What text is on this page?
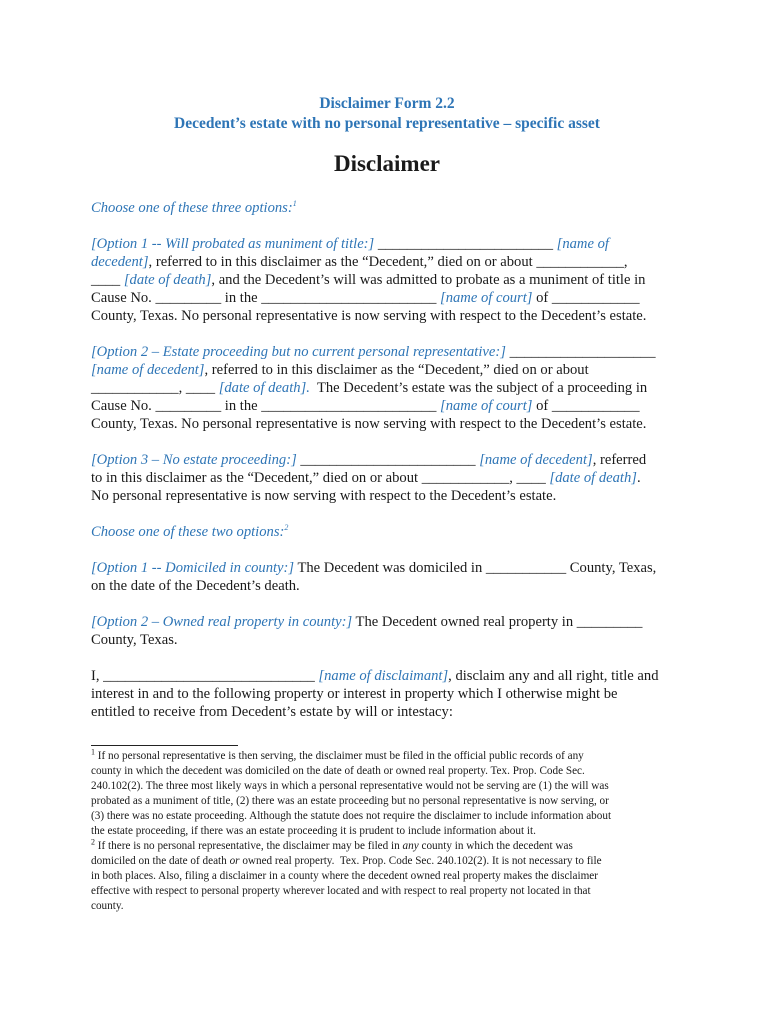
Disclaimer Form 2.2
Decedent’s estate with no personal representative – specific asset
Disclaimer
Choose one of these three options:$^1$
[Option 1 -- Will probated as muniment of title:] ________________________ [name of
decedent], referred to in this disclaimer as the “Decedent,” died on or about ____________,
____ [date of death], and the Decedent’s will was admitted to probate as a muniment of title in
Cause No. _________ in the ________________________ [name of court] of ____________
County, Texas. No personal representative is now serving with respect to the Decedent’s estate.
[Option 2 – Estate proceeding but no current personal representative:] ____________________
[name of decedent], referred to in this disclaimer as the “Decedent,” died on or about
____________, ____ [date of death].  The Decedent’s estate was the subject of a proceeding in
Cause No. _________ in the ________________________ [name of court] of ____________
County, Texas. No personal representative is now serving with respect to the Decedent’s estate.
[Option 3 – No estate proceeding:] ________________________ [name of decedent], referred
to in this disclaimer as the “Decedent,” died on or about ____________, ____ [date of death].
No personal representative is now serving with respect to the Decedent’s estate.
Choose one of these two options:$^2$
[Option 1 -- Domiciled in county:] The Decedent was domiciled in ___________ County, Texas,
on the date of the Decedent’s death.
[Option 2 – Owned real property in county:] The Decedent owned real property in _________
County, Texas.
I, _____________________________ [name of disclaimant], disclaim any and all right, title and
interest in and to the following property or interest in property which I otherwise might be
entitled to receive from Decedent’s estate by will or intestacy:
$^1$ If no personal representative is then serving, the disclaimer must be filed in the official public records of any
county in which the decedent was domiciled on the date of death or owned real property. Tex. Prop. Code Sec.
240.102(2). The three most likely ways in which a personal representative would not be serving are (1) the will was
probated as a muniment of title, (2) there was an estate proceeding but no personal representative is now serving, or
(3) there was no estate proceeding. Although the statute does not require the disclaimer to include information about
the estate proceeding, if there was an estate proceeding it is prudent to include information about it.
$^2$ If there is no personal representative, the disclaimer may be filed in any county in which the decedent was
domiciled on the date of death or owned real property.  Tex. Prop. Code Sec. 240.102(2). It is not necessary to file
in both places. Also, filing a disclaimer in a county where the decedent owned real property makes the disclaimer
effective with respect to personal property wherever located and with respect to real property not located in that
county.
